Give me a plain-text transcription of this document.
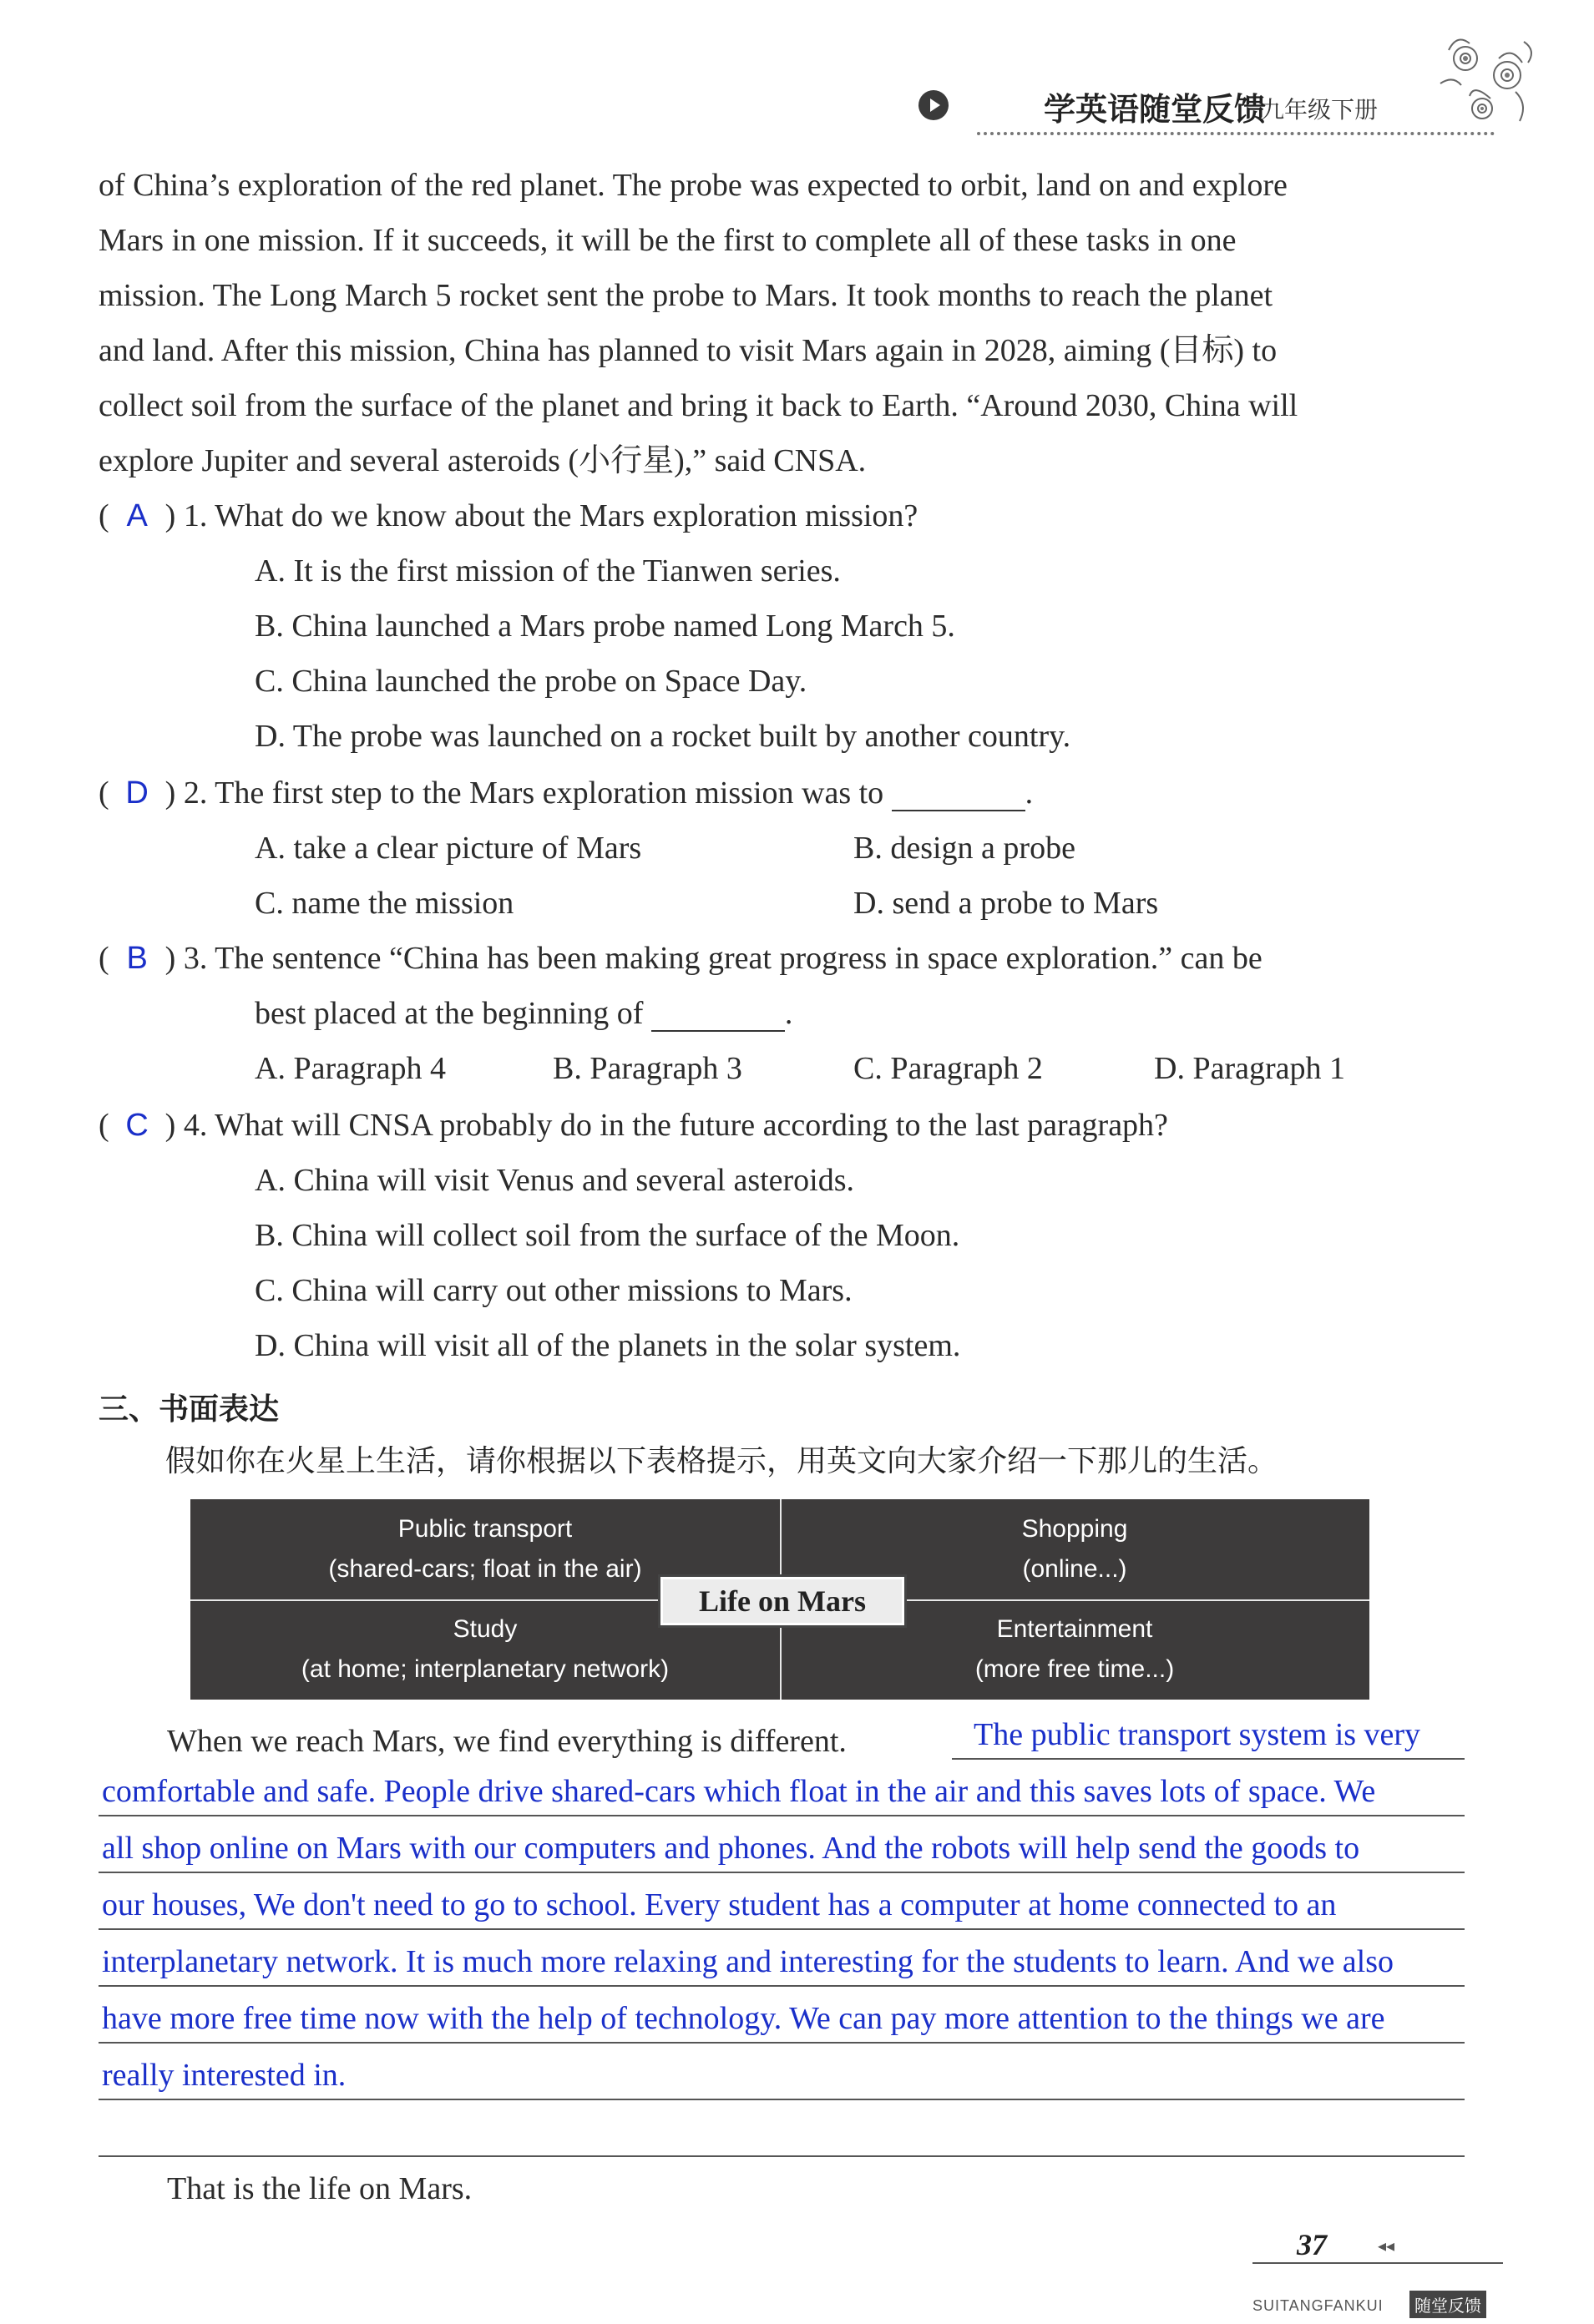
学英语随堂反馈
九年级下册
of China’s exploration of the red planet. The probe was expected to orbit, land on and explore
Mars in one mission. If it succeeds, it will be the first to complete all of these tasks in one
mission. The Long March 5 rocket sent the probe to Mars. It took months to reach the planet
and land. After this mission, China has planned to visit Mars again in 2028, aiming (目标) to
collect soil from the surface of the planet and bring it back to Earth. “Around 2030, China will
explore Jupiter and several asteroids (小行星),” said CNSA.
( A ) 1. What do we know about the Mars exploration mission?
A. It is the first mission of the Tianwen series.
B. China launched a Mars probe named Long March 5.
C. China launched the probe on Space Day.
D. The probe was launched on a rocket built by another country.
( D ) 2. The first step to the Mars exploration mission was to	.
A. take a clear picture of Mars	B. design a probe
C. name the mission	D. send a probe to Mars
( B ) 3. The sentence “China has been making great progress in space exploration.” can be
best placed at the beginning of	.
A. Paragraph 4	B. Paragraph 3	C. Paragraph 2	D. Paragraph 1
( C ) 4. What will CNSA probably do in the future according to the last paragraph?
A. China will visit Venus and several asteroids.
B. China will collect soil from the surface of the Moon.
C. China will carry out other missions to Mars.
D. China will visit all of the planets in the solar system.
三、书面表达
假如你在火星上生活，请你根据以下表格提示，用英文向大家介绍一下那儿的生活。
Public transport
(shared-cars; float in the air)
Shopping
(online...)
Study
(at home; interplanetary network)
Entertainment
(more free time...)
Life on Mars
When we reach Mars, we find everything is different.	The public transport system is very
comfortable and safe. People drive shared-cars which float in the air and this saves lots of space. We
all shop online on Mars with our computers and phones. And the robots will help send the goods to
our houses, We don't need to go to school. Every student has a computer at home connected to an
interplanetary network. It is much more relaxing and interesting for the students to learn. And we also
have more free time now with the help of technology. We can pay more attention to the things we are
really interested in.
That is the life on Mars.
37	◂◂
SUITANGFANKUI	随堂反馈
